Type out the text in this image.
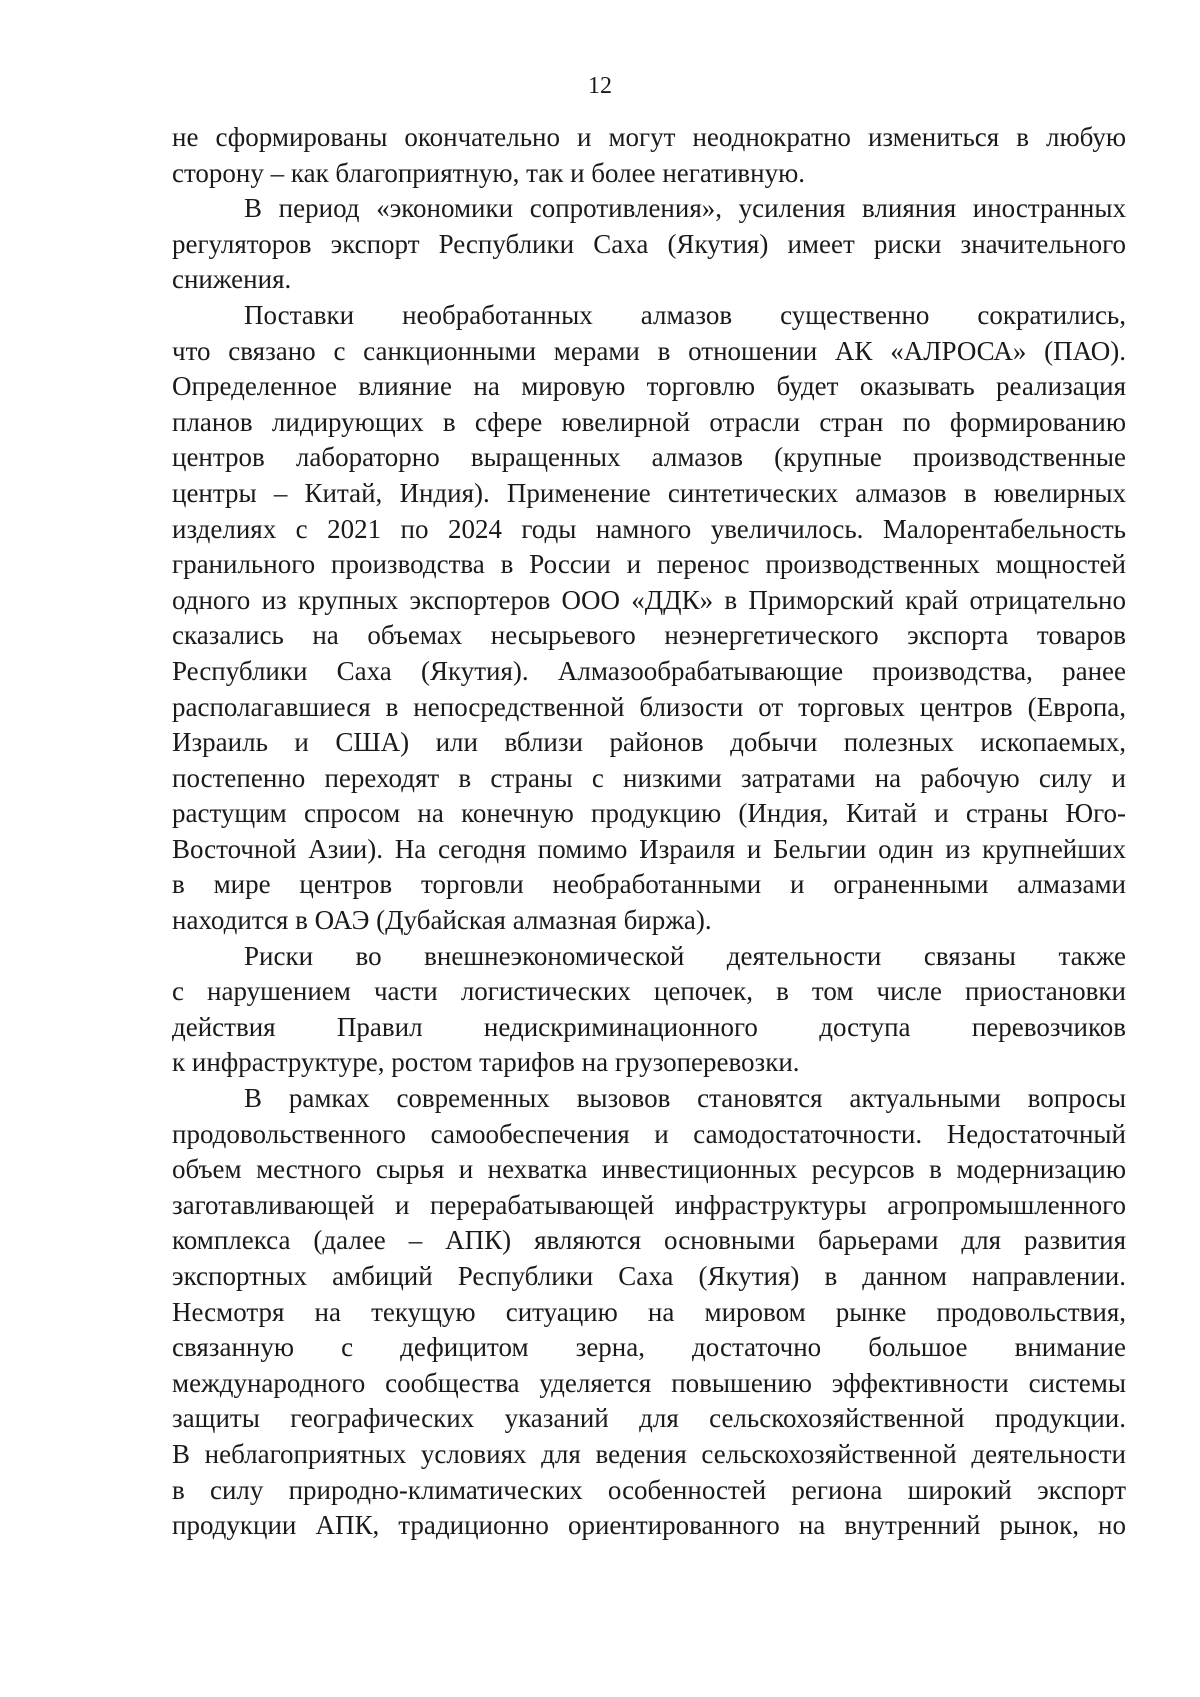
12
не сформированы окончательно и могут неоднократно измениться в любую
сторону – как благоприятную, так и более негативную.
В период «экономики сопротивления», усиления влияния иностранных
регуляторов экспорт Республики Саха (Якутия) имеет риски значительного
снижения.
Поставки необработанных алмазов существенно сократились,
что связано с санкционными мерами в отношении АК «АЛРОСА» (ПАО).
Определенное влияние на мировую торговлю будет оказывать реализация
планов лидирующих в сфере ювелирной отрасли стран по формированию
центров лабораторно выращенных алмазов (крупные производственные
центры – Китай, Индия). Применение синтетических алмазов в ювелирных
изделиях с 2021 по 2024 годы намного увеличилось. Малорентабельность
гранильного производства в России и перенос производственных мощностей
одного из крупных экспортеров ООО «ДДК» в Приморский край отрицательно
сказались на объемах несырьевого неэнергетического экспорта товаров
Республики Саха (Якутия). Алмазообрабатывающие производства, ранее
располагавшиеся в непосредственной близости от торговых центров (Европа,
Израиль и США) или вблизи районов добычи полезных ископаемых,
постепенно переходят в страны с низкими затратами на рабочую силу и
растущим спросом на конечную продукцию (Индия, Китай и страны Юго-
Восточной Азии). На сегодня помимо Израиля и Бельгии один из крупнейших
в мире центров торговли необработанными и ограненными алмазами
находится в ОАЭ (Дубайская алмазная биржа).
Риски во внешнеэкономической деятельности связаны также
с нарушением части логистических цепочек, в том числе приостановки
действия Правил недискриминационного доступа перевозчиков
к инфраструктуре, ростом тарифов на грузоперевозки.
В рамках современных вызовов становятся актуальными вопросы
продовольственного самообеспечения и самодостаточности. Недостаточный
объем местного сырья и нехватка инвестиционных ресурсов в модернизацию
заготавливающей и перерабатывающей инфраструктуры агропромышленного
комплекса (далее – АПК) являются основными барьерами для развития
экспортных амбиций Республики Саха (Якутия) в данном направлении.
Несмотря на текущую ситуацию на мировом рынке продовольствия,
связанную с дефицитом зерна, достаточно большое внимание
международного сообщества уделяется повышению эффективности системы
защиты географических указаний для сельскохозяйственной продукции.
В неблагоприятных условиях для ведения сельскохозяйственной деятельности
в силу природно-климатических особенностей региона широкий экспорт
продукции АПК, традиционно ориентированного на внутренний рынок, но
